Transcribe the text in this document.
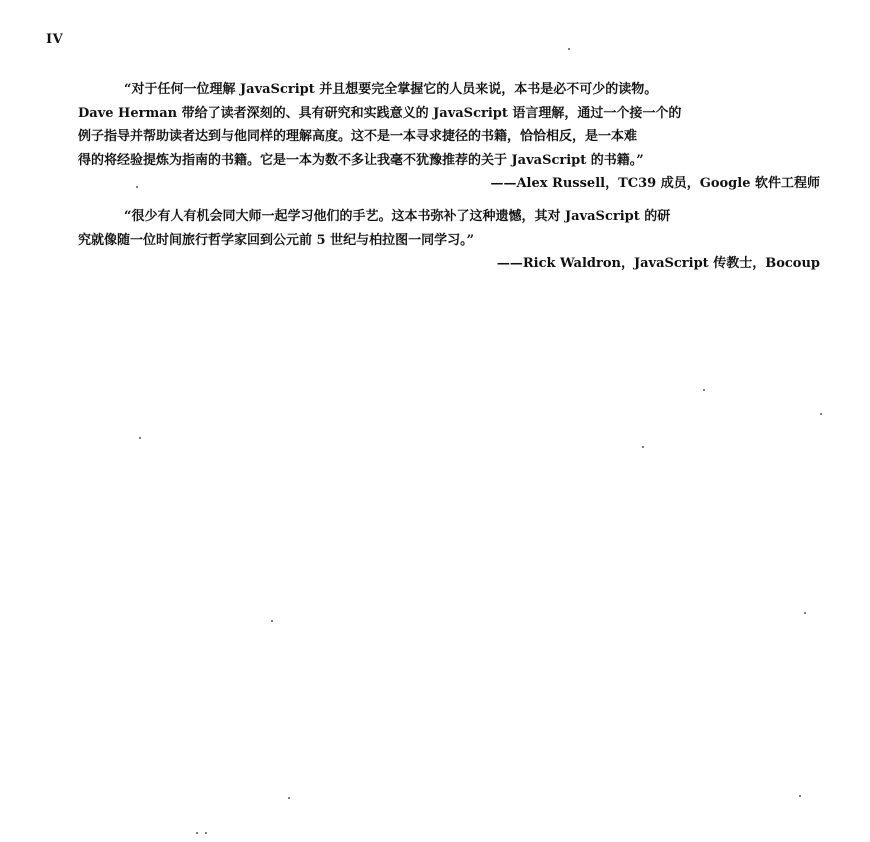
IV
“对于任何一位理解 JavaScript 并且想要完全掌握它的人员来说，本书是必不可少的读物。
Dave Herman 带给了读者深刻的、具有研究和实践意义的 JavaScript 语言理解，通过一个接一个的
例子指导并帮助读者达到与他同样的理解高度。这不是一本寻求捷径的书籍，恰恰相反，是一本难
得的将经验提炼为指南的书籍。它是一本为数不多让我毫不犹豫推荐的关于 JavaScript 的书籍。”
——Alex Russell，TC39 成员，Google 软件工程师
“很少有人有机会同大师一起学习他们的手艺。这本书弥补了这种遗憾，其对 JavaScript 的研
究就像随一位时间旅行哲学家回到公元前 5 世纪与柏拉图一同学习。”
——Rick Waldron，JavaScript 传教士，Bocoup
